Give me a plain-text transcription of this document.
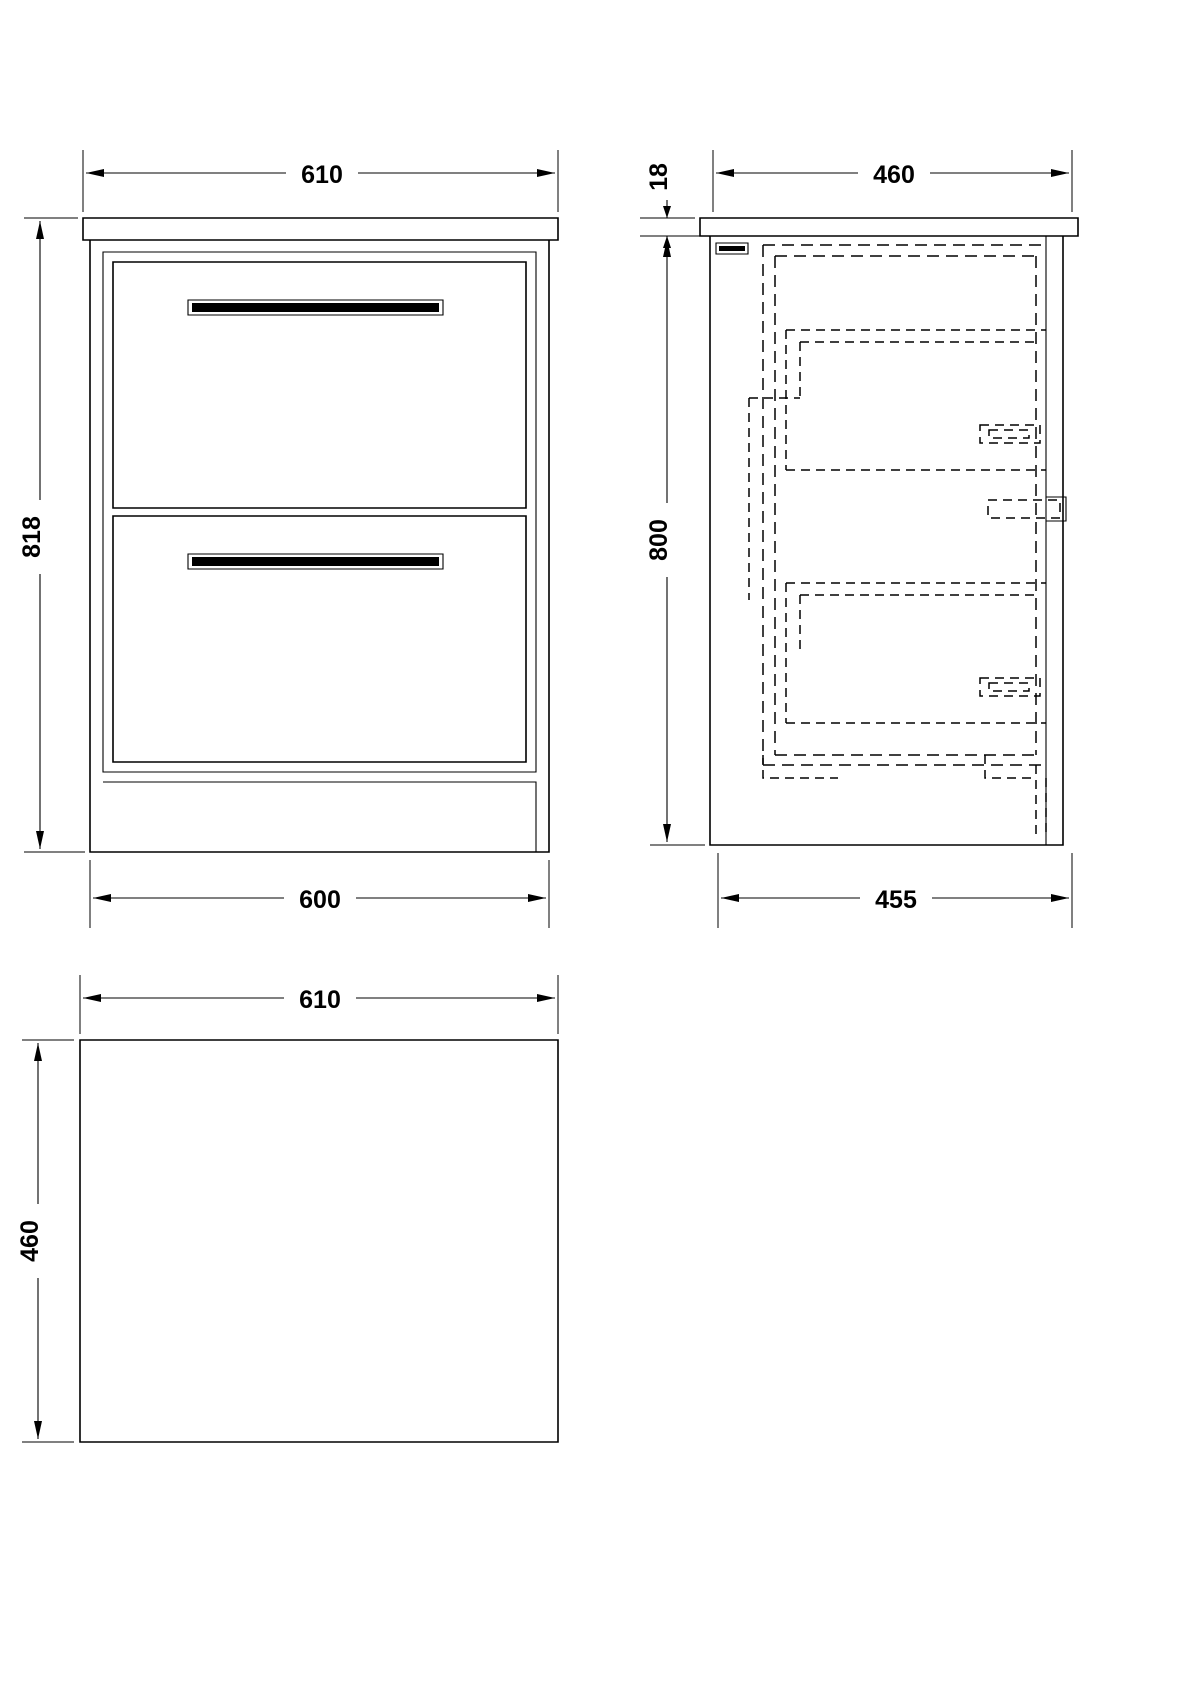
610
818
600
18	460
800
455
610
460
